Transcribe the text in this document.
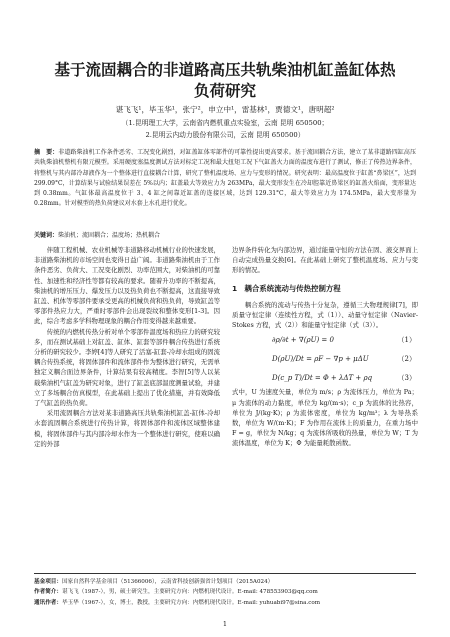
基于流固耦合的非道路高压共轨柴油机缸盖缸体热
负荷研究
谌飞飞¹，毕玉华¹，张宁²，申立中¹，雷基林¹，贾德文¹，唐明超²
（1.昆明理工大学，云南省内燃机重点实验室，云南 昆明 650500；
2.昆明云内动力股份有限公司，云南 昆明 650500）
摘　要：非道路柴油机工作条件恶劣、工况变化剧烈，对缸盖缸体零部件的可靠性提出更高要求。基于流固耦合方法，建立了某非道路四缸高压共轨柴油机整机有限元模型。采用硬度塞温度测试方法对标定工况和最大扭矩工况下气缸盖火力面的温度布进行了测试，修正了传热边界条件，将整机与其内部冷却液作为一个整体进行直接耦合计算，研究了整机温度场、应力与变形的情况。研究表明：最高温度位于缸盖“鼻梁区”，达到 299.09°C，计算结果与试验结果误差在 5%以内；缸盖最大等效应力为 263MPa，最大变形发生在冷却腔靠近鼻梁区的缸盖火焰面，变形量达到 0.38mm。气缸体最高温度位于 3、4 缸之间靠近缸盖的连接区域，达到 129.31°C，最大等效应力为 174.5MPa，最大变形量为 0.28mm。针对模型的热负荷建议对水套上水孔进行优化。
关键词：柴油机；流固耦合；温度场；热机耦合

伴随工程机械、农业机械等非道路移动机械行业的快速发展，非道路柴油机的市场空间也变得日益广阔。非道路柴油机由于工作条件恶劣、负荷大、工况变化剧烈、功率范围大，对柴油机的可靠性、加速性和经济性等都有较高的要求。随着升功率的不断提高，柴油机的增压压力、爆发压力以及热负荷也不断提高，这直接导致缸盖、机体等零部件要承受更高的机械负荷和热负荷，导致缸盖等零部件热应力大，严重时零部件会出现裂纹和整体变形[1-3]。因此，综合考虑多学科物理现象的耦合作用变得越来越重要。

传统的内燃机传热分析对单个零部件温度场和热应力的研究较多，而在测试基础上对缸盖、缸体、缸套等部件耦合传热进行系统分析的研究较少。李婷[4]等人研究了活塞-缸套-冷却水组成的固流耦合传热系统，将固体部件和流体部件作为整体进行研究，无需单独定义耦合面边界条件，计算结果有较高精度。李智[5]等人以某载柴油机气缸盖为研究对象，进行了缸盖底部温度测量试验，并建立了多场耦合仿真模型，在此基础上提出了优化措施，并有效降低了气缸盖的热负荷。

采用流固耦合方法对某非道路高压共轨柴油机缸盖-缸体-冷却水套流固耦合系统进行传热计算，将固体部件和流体区域整体建模，将固体部件与其内部冷却水作为一个整体进行研究，使难以确定的外部

边界条件转化为内部边界，通过能量守恒的方法在固、液交界面上自动完成热量交换[6]。在此基础上研究了整机温度场、应力与变形的情况。

1　耦合系统流动与传热控制方程

耦合系统的流动与传热十分复杂，遵循三大物理规律[7]，即质量守恒定律（连续性方程，式（1））、动量守恒定律（Navier-Stokes 方程，式（2））和能量守恒定律（式（3））。

∂ρ/∂t + ∇(ρU) = 0	（1）
D(ρU)/Dt = ρF − ∇p + μΔU	（2）
D(c_p T)/Dt = Φ + λΔT + ρq	（3）

式中，U 为速度矢量，单位为 m/s；ρ 为流体压力，单位为 Pa；μ 为流体的动力黏度，单位为 kg/(m·s)；c_p 为流体的比热容，单位为 J/(kg·K)；ρ 为流体密度，单位为 kg/m³；λ 为导热系数，单位为 W/(m·K)；F 为作用在流体上的质量力，在重力场中 F = g，单位为 N/kg；q 为流体所吸收的热量，单位为 W；T 为流体温度，单位为 K；Φ 为能量耗散函数。

基金项目：国家自然科学基金项目（51366006），云南省科技创新强省计划项目（2015A024）
作者简介：谌飞飞（1987-），男，硕士研究生，主要研究方向：内燃机现代设计。E-mail: 478553903@qq.com
通讯作者：毕玉华（1967-），女，博士，教授，主要研究方向：内燃机现代设计。E-mail: yuhuabi97@sina.com
1
